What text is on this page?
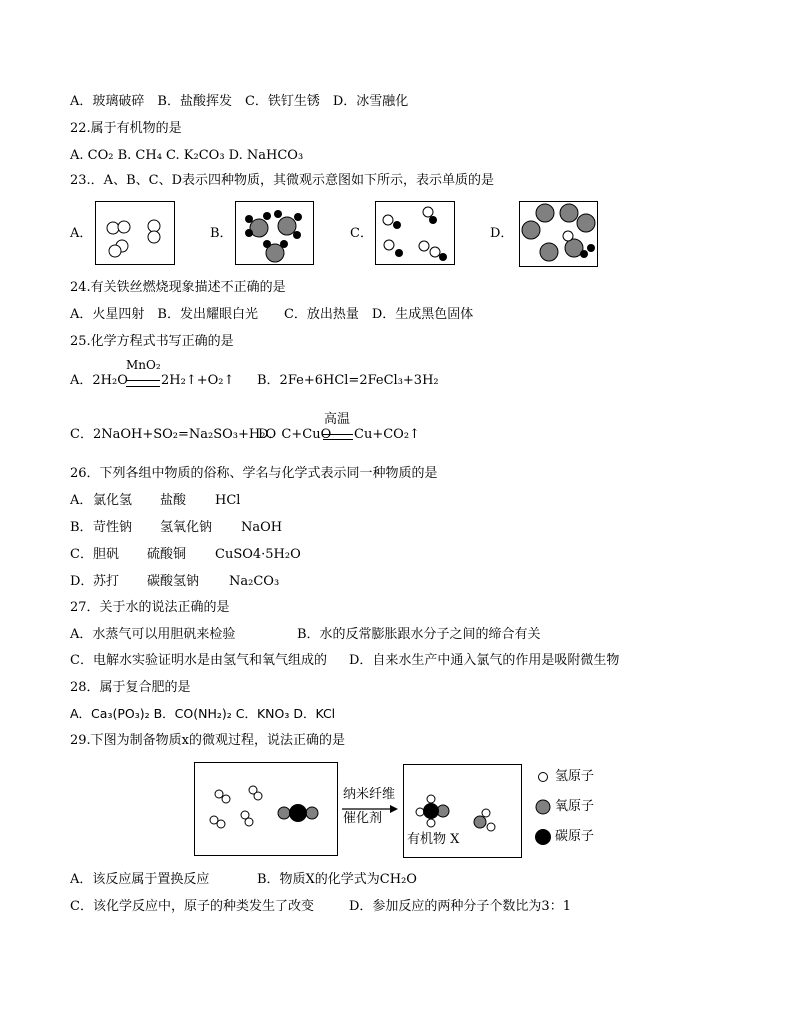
A．玻璃破碎　B．盐酸挥发　C．铁钉生锈　D．冰雪融化
22.属于有机物的是
A. CO₂ B. CH₄ C. K₂CO₃ D. NaHCO₃
23.．A、B、C、D表示四种物质，其微观示意图如下所示，表示单质的是
A．	B．	C．	D．
24.有关铁丝燃烧现象描述不正确的是
A．火星四射　B．发出耀眼白光　　C．放出热量　D．生成黑色固体
25.化学方程式书写正确的是
A．2H₂O
MnO₂
2H₂↑+O₂↑ B．2Fe+6HCl=2FeCl₃+3H₂
C．2NaOH+SO₂=Na₂SO₃+H₂O
D．C+CuO
高温
Cu+CO₂↑
26．下列各组中物质的俗称、学名与化学式表示同一种物质的是
A． 氯化氢 盐酸 HCl
B． 苛性钠 氢氧化钠 NaOH
C． 胆矾 硫酸铜 CuSO4·5H₂O
D． 苏打 碳酸氢钠 Na₂CO₃
27．关于水的说法正确的是
A．水蒸气可以用胆矾来检验	B．水的反常膨胀跟水分子之间的缔合有关
C．电解水实验证明水是由氢气和氧气组成的 D．自来水生产中通入氯气的作用是吸附微生物
28．属于复合肥的是
A．Ca₃(PO₃)₂ B．CO(NH₂)₂ C．KNO₃ D．KCl
29.下图为制备物质x的微观过程，说法正确的是
纳米纤维
催化剂
有机物 X
氢原子
氧原子
碳原子
A．该反应属于置换反应	B．物质X的化学式为CH₂O
C．该化学反应中，原子的种类发生了改变	D．参加反应的两种分子个数比为3：1
